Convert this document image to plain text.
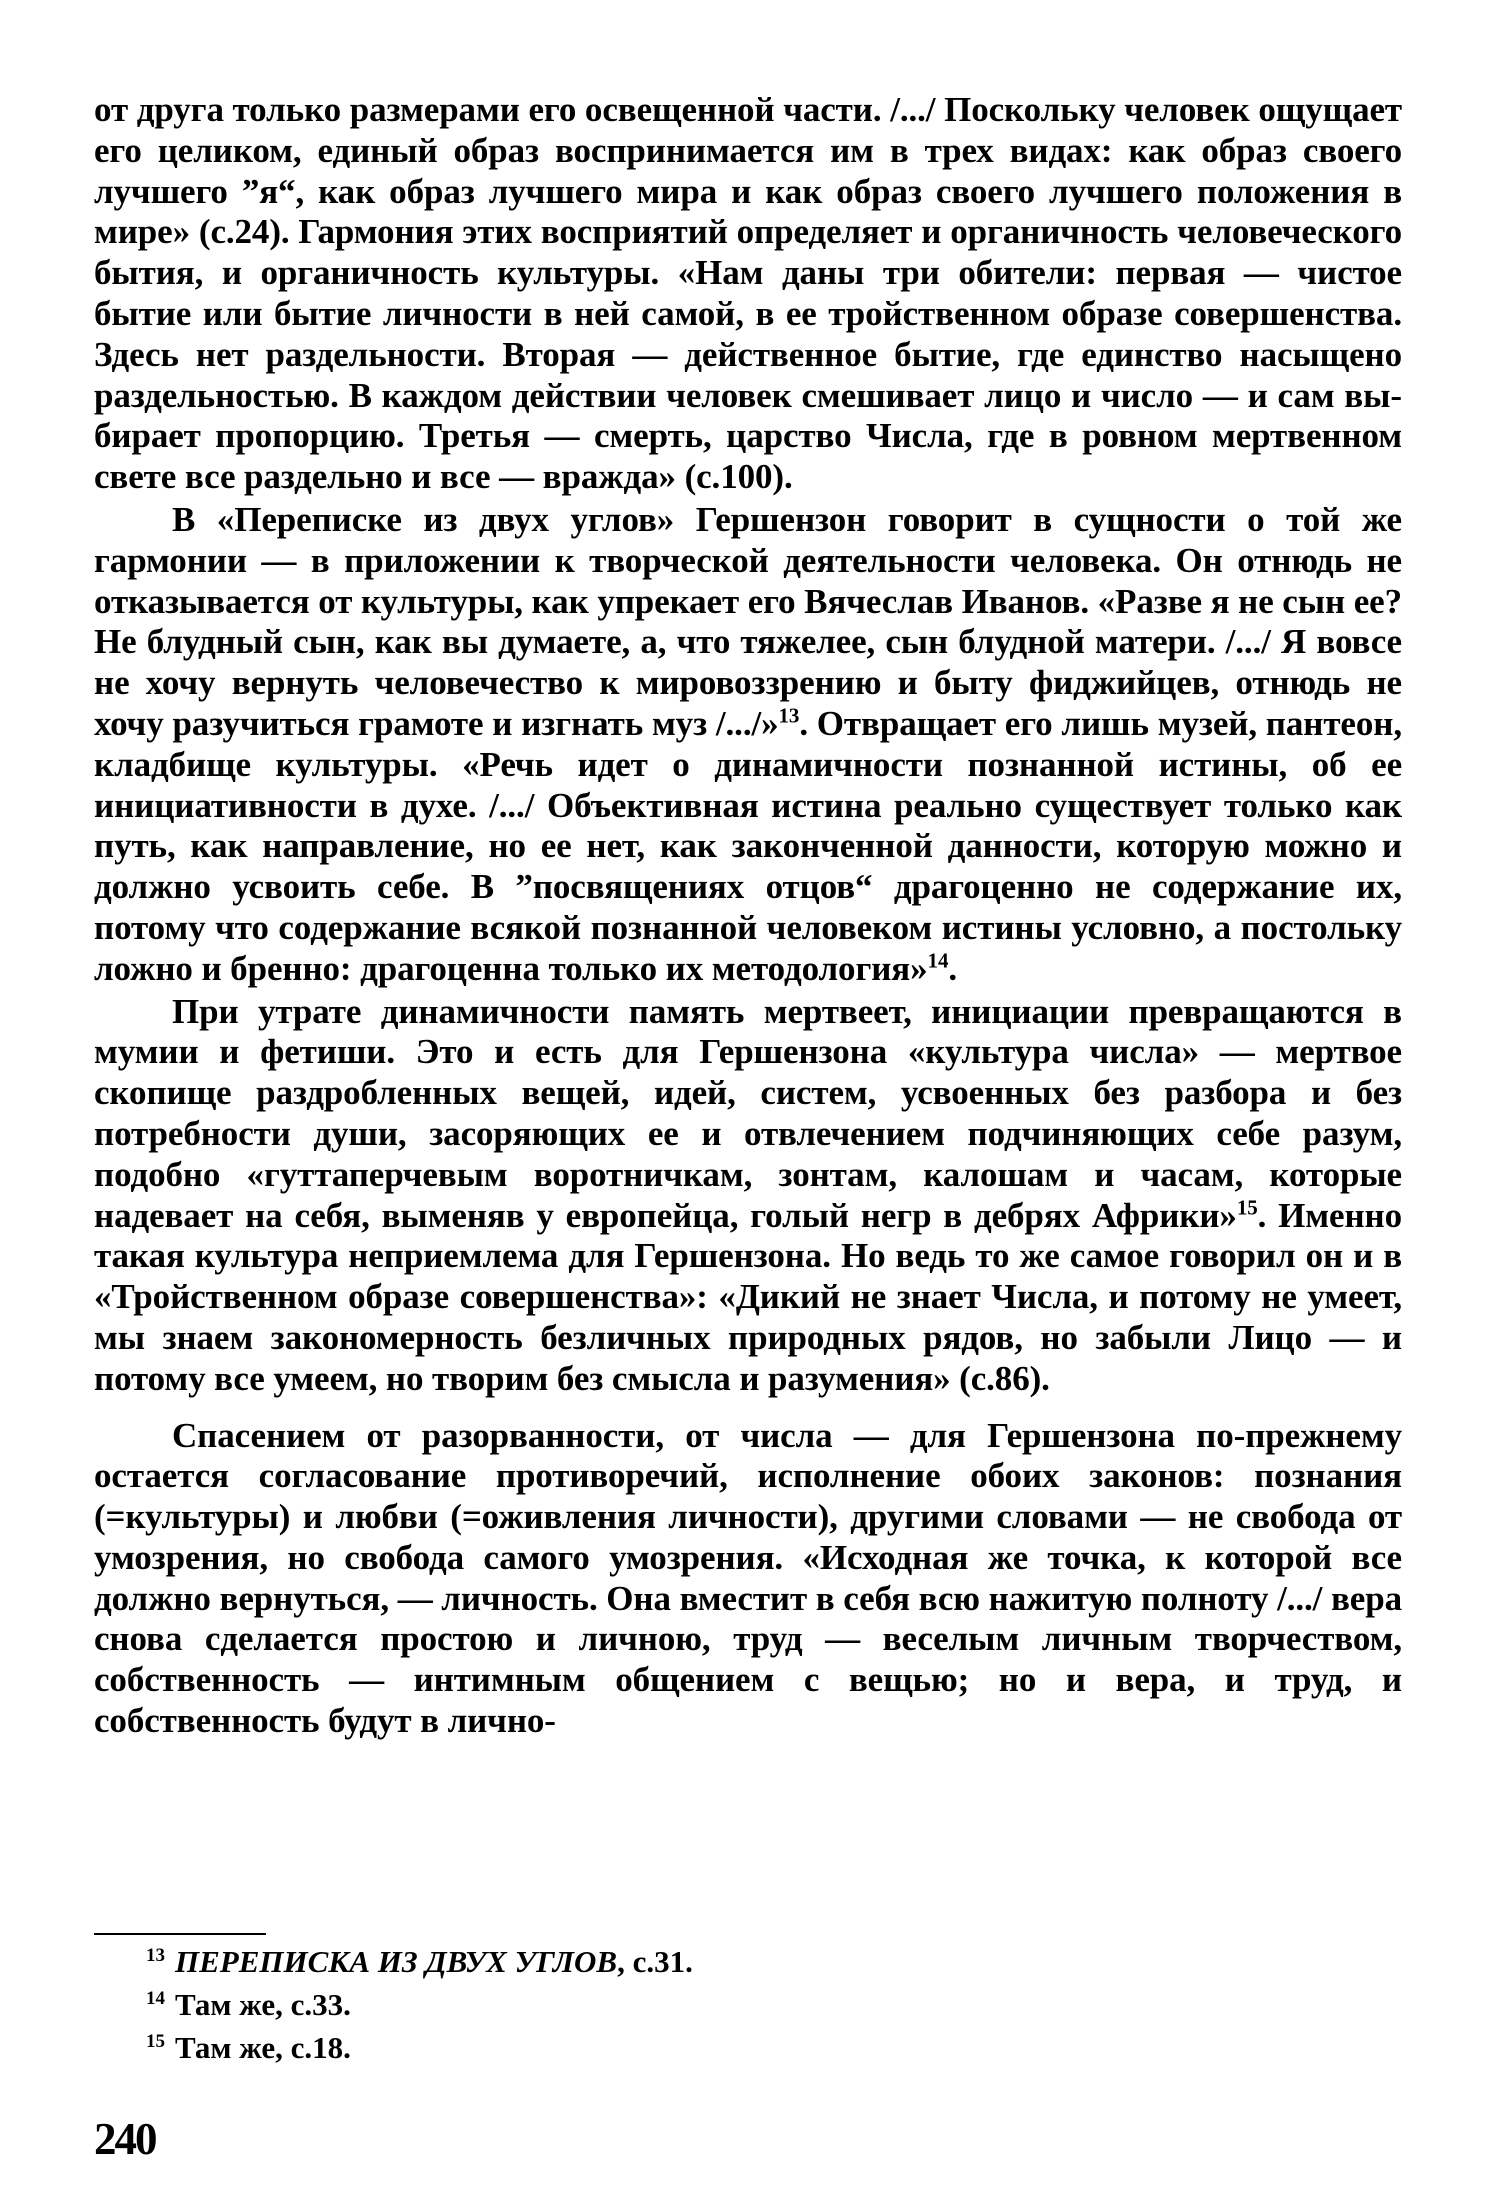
от друга только размерами его освещенной части. /.../ Поскольку человек ощущает его целиком, единый образ воспринимается им в трех видах: как образ своего лучшего ”я“, как образ лучшего мира и как образ своего лучшего положения в мире» (с.24). Гармония этих восприятий определяет и органичность человеческого бытия, и органичность культуры. «Нам даны три обители: первая — чистое бытие или бытие личности в ней самой, в ее тройственном образе совершенства. Здесь нет раздельности. Вторая — действенное бытие, где единство насыщено раздельностью. В каждом действии человек смешивает лицо и число — и сам выбирает пропорцию. Третья — смерть, царство Числа, где в ровном мертвенном свете все раздельно и все — вражда» (с.100).

В «Переписке из двух углов» Гершензон говорит в сущности о той же гармонии — в приложении к творческой деятельности человека. Он отнюдь не отказывается от культуры, как упрекает его Вячеслав Иванов. «Разве я не сын ее? Не блудный сын, как вы думаете, а, что тяжелее, сын блудной матери. /.../ Я вовсе не хочу вернуть человечество к мировоззрению и быту фиджийцев, отнюдь не хочу разучиться грамоте и изгнать муз /.../»$^{13}$. Отвращает его лишь музей, пантеон, кладбище культуры. «Речь идет о динамичности познанной истины, об ее инициативности в духе. /.../ Объективная истина реально существует только как путь, как направление, но ее нет, как законченной данности, которую можно и должно усвоить себе. В ”посвящениях отцов“ драгоценно не содержание их, потому что содержание всякой познанной человеком истины условно, а постольку ложно и бренно: драгоценна только их методология»$^{14}$.

При утрате динамичности память мертвеет, инициации превращаются в мумии и фетиши. Это и есть для Гершензона «культура числа» — мертвое скопище раздробленных вещей, идей, систем, усвоенных без разбора и без потребности души, засоряющих ее и отвлечением подчиняющих себе разум, подобно «гуттаперчевым воротничкам, зонтам, калошам и часам, которые надевает на себя, выменяв у европейца, голый негр в дебрях Африки»$^{15}$. Именно такая культура неприемлема для Гершензона. Но ведь то же самое говорил он и в «Тройственном образе совершенства»: «Дикий не знает Числа, и потому не умеет, мы знаем закономерность безличных природных рядов, но забыли Лицо — и потому все умеем, но творим без смысла и разумения» (с.86).

Спасением от разорванности, от числа — для Гершензона по-прежнему остается согласование противоречий, исполнение обоих законов: познания (=культуры) и любви (=оживления личности), другими словами — не свобода от умозрения, но свобода самого умозрения. «Исходная же точка, к которой все должно вернуться, — личность. Она вместит в себя всю нажитую полноту /.../ вера снова сделается простою и личною, труд — веселым личным творчеством, собственность — интимным общением с вещью; но и вера, и труд, и собственность будут в лично-

$^{13}$ ПЕРЕПИСКА ИЗ ДВУХ УГЛОВ, с.31.
$^{14}$ Там же, с.33.
$^{15}$ Там же, с.18.
240
